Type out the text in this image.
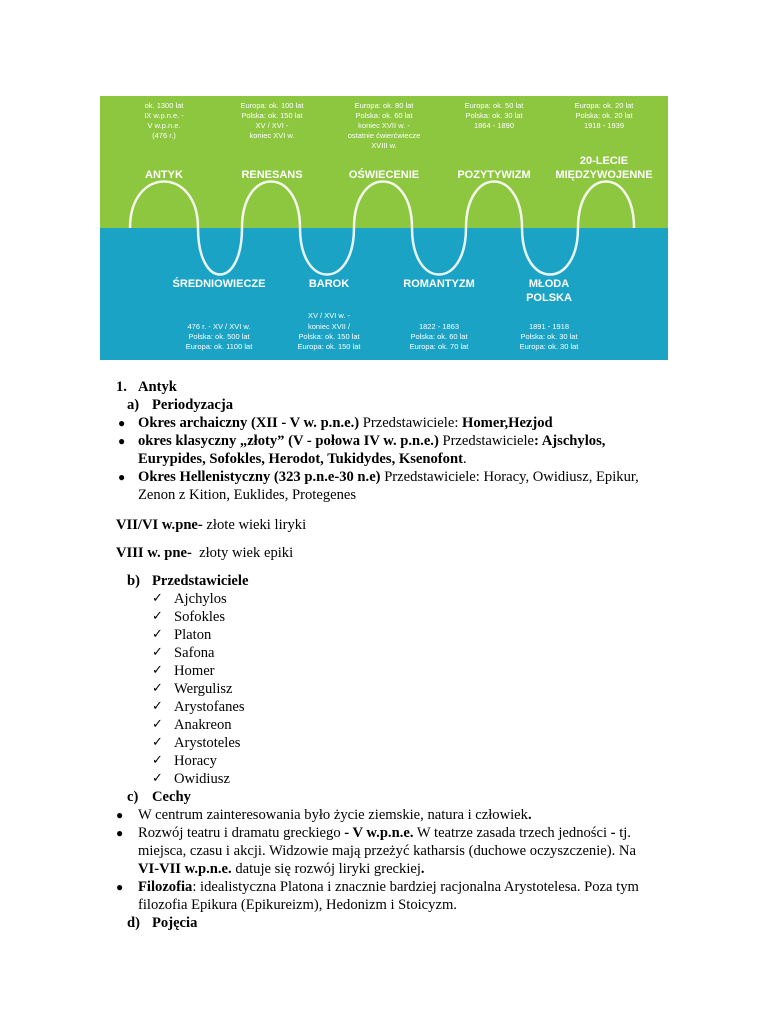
ok. 1300 lat
IX w.p.n.e. -
V w.p.n.e.
(476 r.)
ANTYK
Europa: ok. 100 lat
Polska: ok. 150 lat
XV / XVI -
koniec XVI w.
RENESANS
Europa: ok. 80 lat
Polska: ok. 60 lat
koniec XVII w. -
ostatnie ćwierćwiecze
XVIII w.
OŚWIECENIE
Europa: ok. 50 lat
Polska: ok. 30 lat
1864 - 1890
POZYTYWIZM
Europa: ok. 20 lat
Polska: ok. 20 lat
1918 - 1939
20-LECIE
MIĘDZYWOJENNE
ŚREDNIOWIECZE
476 r. - XV / XVI w.
Polska: ok. 500 lat
Europa: ok. 1100 lat
BAROK
XV / XVI w. -
koniec XVII /
Polska: ok. 150 lat
Europa: ok. 150 lat
ROMANTYZM
1822 - 1863
Polska: ok. 60 lat
Europa: ok. 70 lat
MŁODA
POLSKA
1891 - 1918
Polska: ok. 30 lat
Europa: ok. 30 lat
1. Antyk
a) Periodyzacja
● Okres archaiczny (XII - V w. p.n.e.) Przedstawiciele: Homer,Hezjod
● okres klasyczny „złoty” (V - połowa IV w. p.n.e.) Przedstawiciele: Ajschylos,
Eurypides, Sofokles, Herodot, Tukidydes, Ksenofont.
● Okres Hellenistyczny (323 p.n.e-30 n.e) Przedstawiciele: Horacy, Owidiusz, Epikur,
Zenon z Kition, Euklides, Protegenes
VII/VI w.pne- złote wieki liryki
VIII w. pne-  złoty wiek epiki
b) Przedstawiciele
✓ Ajchylos
✓ Sofokles
✓ Platon
✓ Safona
✓ Homer
✓ Wergulisz
✓ Arystofanes
✓ Anakreon
✓ Arystoteles
✓ Horacy
✓ Owidiusz
c) Cechy
● W centrum zainteresowania było życie ziemskie, natura i człowiek.
● Rozwój teatru i dramatu greckiego - V w.p.n.e. W teatrze zasada trzech jedności - tj.
miejsca, czasu i akcji. Widzowie mają przeżyć katharsis (duchowe oczyszczenie). Na
VI-VII w.p.n.e. datuje się rozwój liryki greckiej.
● Filozofia: idealistyczna Platona i znacznie bardziej racjonalna Arystotelesa. Poza tym
filozofia Epikura (Epikureizm), Hedonizm i Stoicyzm.
d) Pojęcia
